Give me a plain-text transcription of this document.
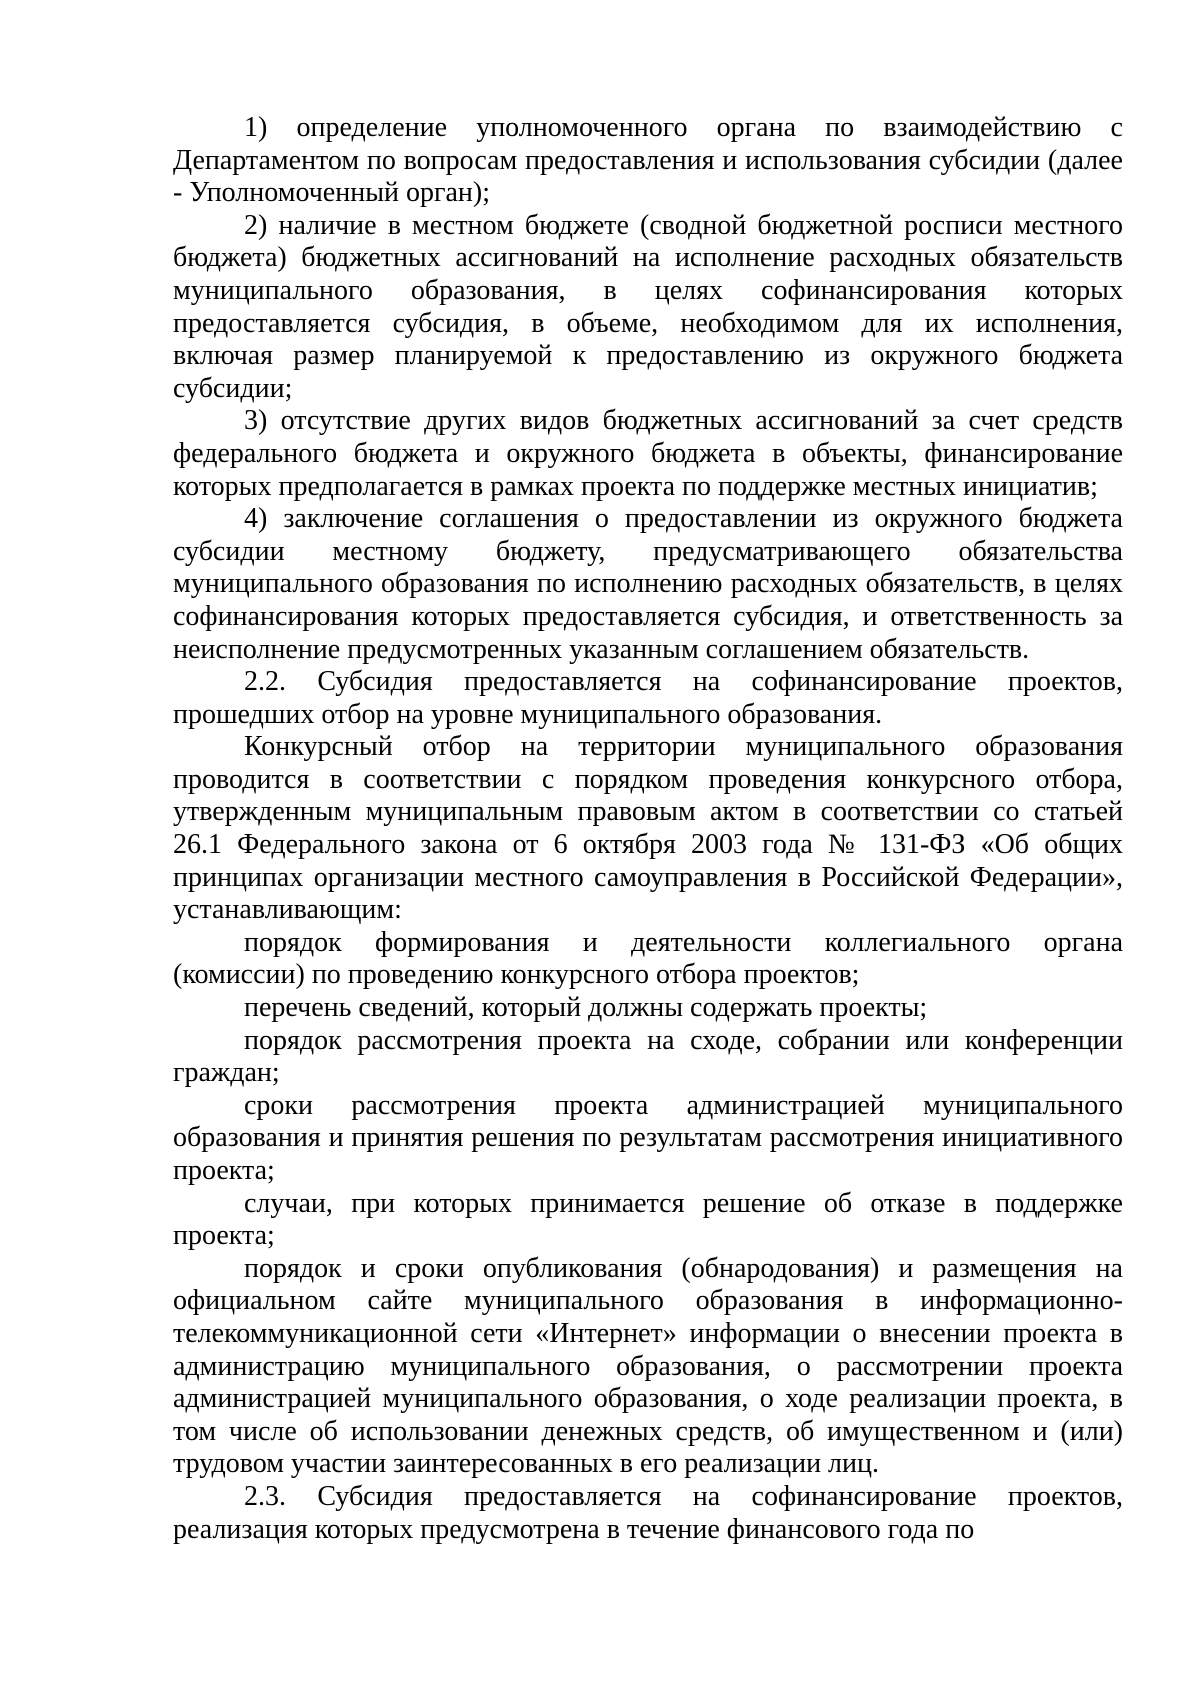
1) определение уполномоченного органа по взаимодействию с Департаментом по вопросам предоставления и использования субсидии (далее - Уполномоченный орган);

2) наличие в местном бюджете (сводной бюджетной росписи местного бюджета) бюджетных ассигнований на исполнение расходных обязательств муниципального образования, в целях софинансирования которых предоставляется субсидия, в объеме, необходимом для их исполнения, включая размер планируемой к предоставлению из окружного бюджета субсидии;

3) отсутствие других видов бюджетных ассигнований за счет средств федерального бюджета и окружного бюджета в объекты, финансирование которых предполагается в рамках проекта по поддержке местных инициатив;

4) заключение соглашения о предоставлении из окружного бюджета субсидии местному бюджету, предусматривающего обязательства муниципального образования по исполнению расходных обязательств, в целях софинансирования которых предоставляется субсидия, и ответственность за неисполнение предусмотренных указанным соглашением обязательств.

2.2. Субсидия предоставляется на софинансирование проектов, прошедших отбор на уровне муниципального образования.

Конкурсный отбор на территории муниципального образования проводится в соответствии с порядком проведения конкурсного отбора, утвержденным муниципальным правовым актом в соответствии со статьей 26.1 Федерального закона от 6 октября 2003 года № 131-ФЗ «Об общих принципах организации местного самоуправления в Российской Федерации», устанавливающим:

порядок формирования и деятельности коллегиального органа (комиссии) по проведению конкурсного отбора проектов;

перечень сведений, который должны содержать проекты;

порядок рассмотрения проекта на сходе, собрании или конференции граждан;

сроки рассмотрения проекта администрацией муниципального образования и принятия решения по результатам рассмотрения инициативного проекта;

случаи, при которых принимается решение об отказе в поддержке проекта;

порядок и сроки опубликования (обнародования) и размещения на официальном сайте муниципального образования в информационно-телекоммуникационной сети «Интернет» информации о внесении проекта в администрацию муниципального образования, о рассмотрении проекта администрацией муниципального образования, о ходе реализации проекта, в том числе об использовании денежных средств, об имущественном и (или) трудовом участии заинтересованных в его реализации лиц.

2.3. Субсидия предоставляется на софинансирование проектов, реализация которых предусмотрена в течение финансового года по
